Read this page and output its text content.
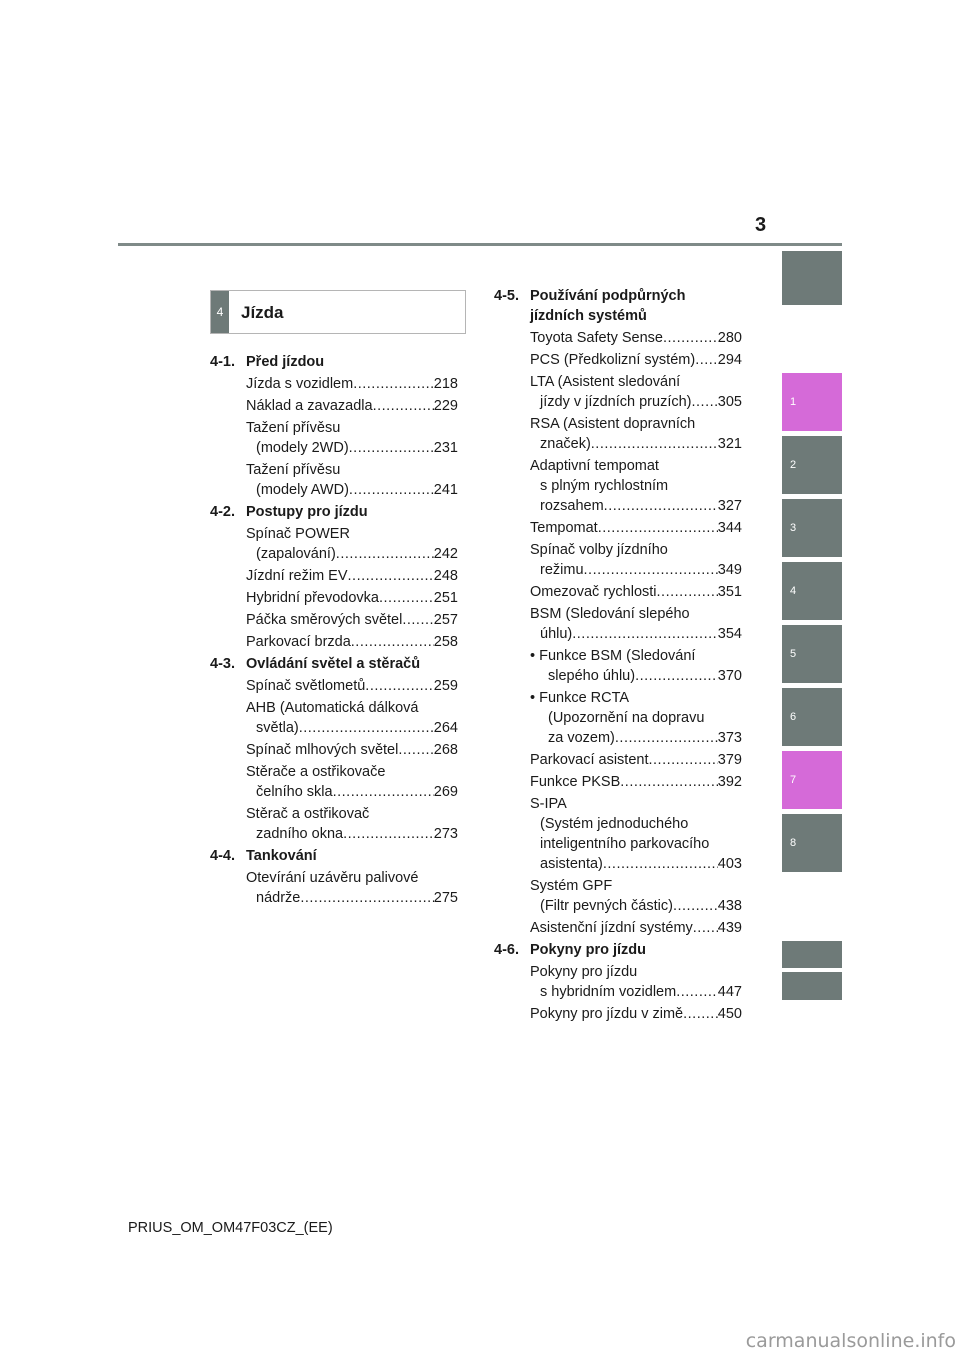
3
1
2
3
4
5
6
7
8
4	Jízda
4-1. Před jízdou
Jízda s vozidlem .....	218
Náklad a zavazadla .....	229
Tažení přívěsu
(modely 2WD) .....	231
Tažení přívěsu
(modely AWD) .....	241
4-2. Postupy pro jízdu
Spínač POWER
(zapalování) .....	242
Jízdní režim EV .....	248
Hybridní převodovka .....	251
Páčka směrových světel ..... 257
Parkovací brzda .....	258
4-3. Ovládání světel a stěračů
Spínač světlometů .....	259
AHB (Automatická dálková
světla) .....	264
Spínač mlhových světel ..... 268
Stěrače a ostřikovače
čelního skla .....	269
Stěrač a ostřikovač
zadního okna .....	273
4-4. Tankování
Otevírání uzávěru palivové
nádrže .....	275
4-5. Používání podpůrných jízdních systémů
Toyota Safety Sense .....	280
PCS (Předkolizní systém) ..... 294
LTA (Asistent sledování
jízdy v jízdních pruzích) ..... 305
RSA (Asistent dopravních
značek) .....	321
Adaptivní tempomat
s plným rychlostním
rozsahem .....	327
Tempomat .....	344
Spínač volby jízdního
režimu .....	349
Omezovač rychlosti .....	351
BSM (Sledování slepého
úhlu) .....	354
• Funkce BSM (Sledování
slepého úhlu) .....	370
• Funkce RCTA
(Upozornění na dopravu
za vozem) .....	373
Parkovací asistent .....	379
Funkce PKSB .....	392
S-IPA
(Systém jednoduchého
inteligentního parkovacího
asistenta) .....	403
Systém GPF
(Filtr pevných částic) .....	438
Asistenční jízdní systémy ..... 439
4-6. Pokyny pro jízdu
Pokyny pro jízdu
s hybridním vozidlem .....	447
Pokyny pro jízdu v zimě ..... 450
PRIUS_OM_OM47F03CZ_(EE)
carmanualsonline.info
